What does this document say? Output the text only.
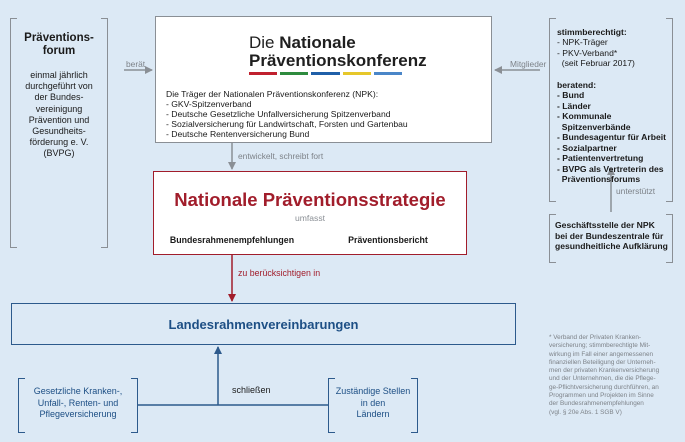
Präventions-
forum
einmal jährlich
durchgeführt von
der Bundes-
vereinigung
Prävention und
Gesundheits-
förderung e. V.
(BVPG)
berät	Mitglieder
entwickelt, schreibt fort
unterstützt
Die Nationale
Präventionskonferenz
Die Träger der Nationalen Präventionskonferenz (NPK):
- GKV-Spitzenverband
- Deutsche Gesetzliche Unfallversicherung Spitzenverband
- Sozialversicherung für Landwirtschaft, Forsten und Gartenbau
- Deutsche Rentenversicherung Bund
stimmberechtigt:
- NPK-Träger
- PKV-Verband*
(seit Februar 2017)
beratend:
- Bund
- Länder
- Kommunale
Spitzenverbände
- Bundesagentur für Arbeit
- Sozialpartner
- Patientenvertretung
- BVPG als Vertreterin des
Präventionsforums
Geschäftsstelle der NPK
bei der Bundeszentrale für
gesundheitliche Aufklärung
Nationale Präventionsstrategie
umfasst
Bundesrahmenempfehlungen	Präventionsbericht
zu berücksichtigen in
Landesrahmenvereinbarungen
Gesetzliche Kranken-,
Unfall-, Renten- und
Pflegeversicherung
schließen	Zuständige Stellen
in den
Ländern
* Verband der Privaten Kranken-
versicherung; stimmberechtigte Mit-
wirkung im Fall einer angemessenen
finanziellen Beteiligung der Unterneh-
men der privaten Krankenversicherung
und der Unternehmen, die die Pflege-
ge-Pflichtversicherung durchführen, an
Programmen und Projekten im Sinne
der Bundesrahmenempfehlungen
(vgl. § 20e Abs. 1 SGB V)
